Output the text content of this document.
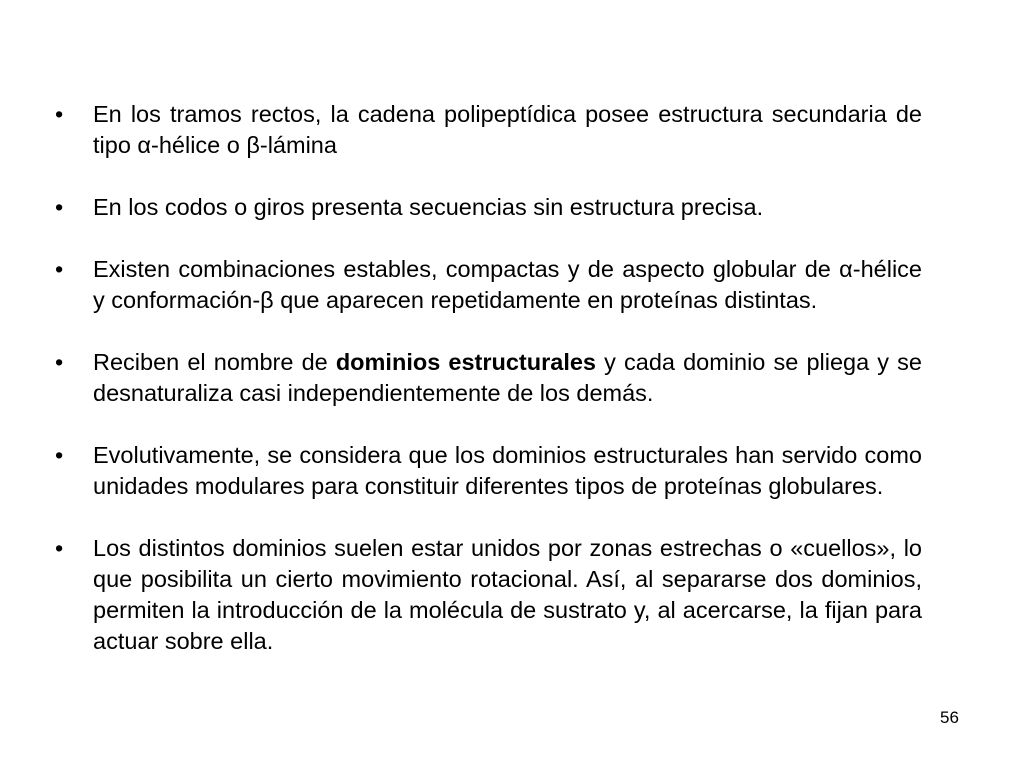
• En los tramos rectos, la cadena polipeptídica posee estructura secundaria de tipo α-hélice o β-lámina
• En los codos o giros presenta secuencias sin estructura precisa.
• Existen combinaciones estables, compactas y de aspecto globular de α-hélice y conformación-β que aparecen repetidamente en proteínas distintas.
• Reciben el nombre de dominios estructurales y cada dominio se pliega y se desnaturaliza casi independientemente de los demás.
• Evolutivamente, se considera que los dominios estructurales han servido como unidades modulares para constituir diferentes tipos de proteínas globulares.
• Los distintos dominios suelen estar unidos por zonas estrechas o «cuellos», lo que posibilita un cierto movimiento rotacional. Así, al separarse dos dominios, permiten la introducción de la molécula de sustrato y, al acercarse, la fijan para actuar sobre ella.
56
